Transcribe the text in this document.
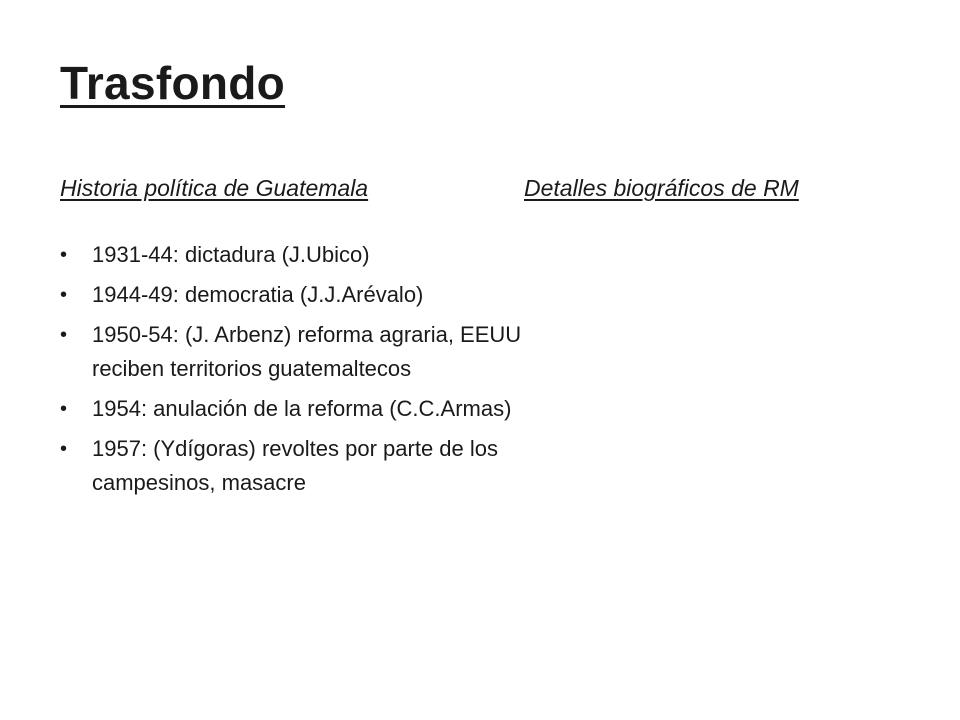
Trasfondo

Historia política de Guatemala	Detalles biográficos de RM

• 1931-44: dictadura (J.Ubico)
• 1944-49: democratia (J.J.Arévalo)
• 1950-54: (J. Arbenz) reforma agraria, EEUU reciben territorios guatemaltecos
• 1954: anulación de la reforma (C.C.Armas)
• 1957: (Ydígoras) revoltes por parte de los campesinos, masacre
